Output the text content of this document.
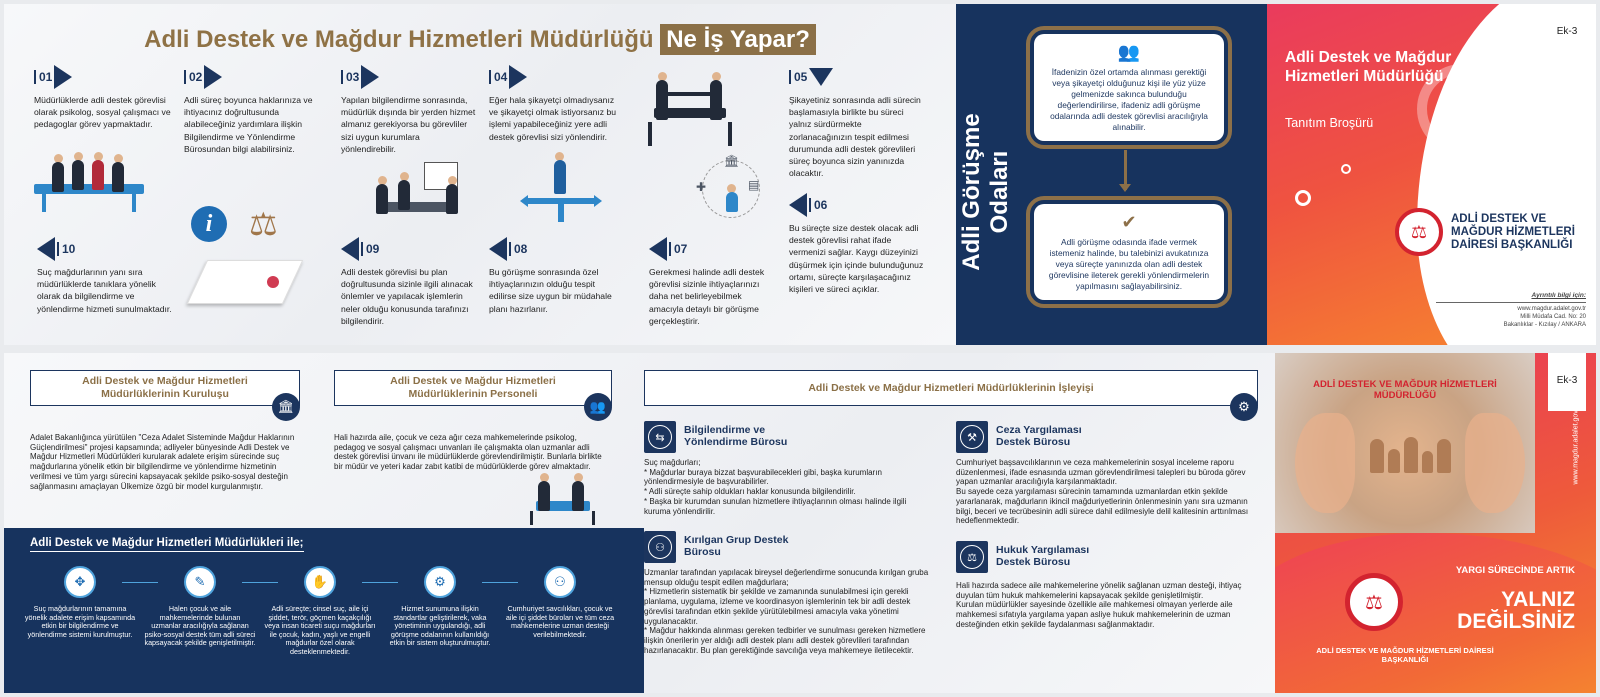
Adli Destek ve Mağdur Hizmetleri Müdürlüğü Ne İş Yapar?
01
Müdürlüklerde adli destek görevlisi olarak psikolog, sosyal çalışmacı ve pedagoglar görev yapmaktadır.
02
Adli süreç boyunca haklarınıza ve ihtiyacınız doğrultusunda alabileceğiniz yardımlara ilişkin Bilgilendirme ve Yönlendirme Bürosundan bilgi alabilirsiniz.
03
Yapılan bilgilendirme sonrasında, müdürlük dışında bir yerden hizmet almanız gerekiyorsa bu görevliler sizi uygun kurumlara yönlendirebilir.
04
Eğer hala şikayetçi olmadıysanız ve şikayetçi olmak istiyorsanız bu işlemi yapabileceğiniz yere adli destek görevlisi sizi yönlendirir.
05
Şikayetiniz sonrasında adli sürecin başlamasıyla birlikte bu süreci yalnız sürdürmekte zorlanacağınızın tespit edilmesi durumunda adli destek görevlileri süreç boyunca sizin yanınızda olacaktır.
06
Bu süreçte size destek olacak adli destek görevlisi rahat ifade vermenizi sağlar. Kaygı düzeyinizi düşürmek için içinde bulunduğunuz ortamı, süreçte karşılaşacağınız kişileri ve süreci açıklar.
07
Gerekmesi halinde adli destek görevlisi sizinle ihtiyaçlarınızı daha net belirleyebilmek amacıyla detaylı bir görüşme gerçekleştirir.
08
Bu görüşme sonrasında özel ihtiyaçlarınızın olduğu tespit edilirse size uygun bir müdahale planı hazırlanır.
09
Adli destek görevlisi bu plan doğrultusunda sizinle ilgili alınacak önlemler ve yapılacak işlemlerin neler olduğu konusunda tarafınızı bilgilendirir.
10
Suç mağdurlarının yanı sıra müdürlüklerde tanıklara yönelik olarak da bilgilendirme ve yönlendirme hizmeti sunulmaktadır.
i	⚖
🏛
✚	▤	Adli Görüşme Odaları
👥
İfadenizin özel ortamda alınması gerektiği veya şikayetçi olduğunuz kişi ile yüz yüze gelmenizde sakınca bulunduğu değerlendirilirse, ifadeniz adli görüşme odalarında adli destek görevlisi aracılığıyla alınabilir.
✔
Adli görüşme odasında ifade vermek istemeniz halinde, bu talebinizi avukatınıza veya süreçte yanınızda olan adli destek görevlisine ileterek gerekli yönlendirmelerin yapılmasını sağlayabilirsiniz.
Ek-3
Adli Destek ve Mağdur Hizmetleri Müdürlüğü
Tanıtım Broşürü
⚖
ADLİ DESTEK VE MAĞDUR HİZMETLERİ DAİRESİ BAŞKANLIĞI
Ayrıntılı bilgi için:
www.magdur.adalet.gov.tr
Milli Müdafa Cad. No: 20
Bakanlıklar - Kızılay / ANKARA
Adli Destek ve Mağdur Hizmetleri Müdürlüklerinin Kuruluşu
🏛
Adalet Bakanlığınca yürütülen "Ceza Adalet Sisteminde Mağdur Haklarının Güçlendirilmesi" projesi kapsamında; adliyeler bünyesinde Adli Destek ve Mağdur Hizmetleri Müdürlükleri kurularak adalete erişim sürecinde suç mağdurlarına yönelik etkin bir bilgilendirme ve yönlendirme hizmetinin verilmesi ve tüm yargı sürecini kapsayacak şekilde psiko-sosyal desteğin sağlanmasını amaçlayan Ülkemize özgü bir model kurgulanmıştır.
Adli Destek ve Mağdur Hizmetleri Müdürlüklerinin Personeli
👥
Hali hazırda aile, çocuk ve ceza ağır ceza mahkemelerinde psikolog, pedagog ve sosyal çalışmacı unvanları ile çalışmakta olan uzmanlar adli destek görevlisi ünvanı ile müdürlüklerde görevlendirilmiştir. Bunlarla birlikte bir müdür ve yeteri kadar zabıt katibi de müdürlüklerde görev almaktadır.
Adli Destek ve Mağdur Hizmetleri Müdürlükleri ile;
✥
Suç mağdurlarının tamamına yönelik adalete erişim kapsamında etkin bir bilgilendirme ve yönlendirme sistemi kurulmuştur.
✎
Halen çocuk ve aile mahkemelerinde bulunan uzmanlar aracılığıyla sağlanan psiko-sosyal destek tüm adli süreci kapsayacak şekilde genişletilmiştir.
✋
Adli süreçte; cinsel suç, aile içi şiddet, terör, göçmen kaçakçılığı veya insan ticareti suçu mağdurları ile çocuk, kadın, yaşlı ve engelli mağdurlar özel olarak desteklenmektedir.
⚙
Hizmet sunumuna ilişkin standartlar geliştirilerek, vaka yönetiminin uygulandığı, adli görüşme odalarının kullanıldığı etkin bir sistem oluşturulmuştur.
⚇
Cumhuriyet savcılıkları, çocuk ve aile içi şiddet büroları ve tüm ceza mahkemelerine uzman desteği verilebilmektedir.
Adli Destek ve Mağdur Hizmetleri Müdürlüklerinin İşleyişi
⚙
⇆
Bilgilendirme ve Yönlendirme Bürosu
Suç mağdurları;
* Mağdurlar buraya bizzat başvurabilecekleri gibi, başka kurumların yönlendirmesiyle de başvurabilirler.
* Adli süreçte sahip oldukları haklar konusunda bilgilendirilir.
* Başka bir kurumdan sunulan hizmetlere ihtiyaçlarının olması halinde ilgili kuruma yönlendirilir.
⚇
Kırılgan Grup Destek Bürosu
Uzmanlar tarafından yapılacak bireysel değerlendirme sonucunda kırılgan gruba mensup olduğu tespit edilen mağdurlara;
* Hizmetlerin sistematik bir şekilde ve zamanında sunulabilmesi için gerekli planlama, uygulama, izleme ve koordinasyon işlemlerinin tek bir adli destek görevlisi tarafından etkin şekilde yürütülebilmesi amacıyla vaka yönetimi uygulanacaktır.
* Mağdur hakkında alınması gereken tedbirler ve sunulması gereken hizmetlere ilişkin önerilerin yer aldığı adli destek planı adli destek görevlileri tarafından hazırlanacaktır. Bu plan gerektiğinde savcılığa veya mahkemeye iletilecektir.
⚒
Ceza Yargılaması Destek Bürosu
Cumhuriyet başsavcılıklarının ve ceza mahkemelerinin sosyal inceleme raporu düzenlenmesi, ifade esnasında uzman görevlendirilmesi talepleri bu büroda görev yapan uzmanlar aracılığıyla karşılanmaktadır.
Bu sayede ceza yargılaması sürecinin tamamında uzmanlardan etkin şekilde yararlanarak, mağdurların ikincil mağduriyetlerinin önlenmesinin yanı sıra uzmanın bilgi, beceri ve tecrübesinin adli sürece dahil edilmesiyle delil kalitesinin arttırılması hedeflenmektedir.
⚖
Hukuk Yargılaması Destek Bürosu
Hali hazırda sadece aile mahkemelerine yönelik sağlanan uzman desteği, ihtiyaç duyulan tüm hukuk mahkemelerini kapsayacak şekilde genişletilmiştir.
Kurulan müdürlükler sayesinde özellikle aile mahkemesi olmayan yerlerde aile mahkemesi sıfatıyla yargılama yapan asliye hukuk mahkemelerinin de uzman desteğinden etkin şekilde faydalanması sağlanmaktadır.
Ek-3
ADLİ DESTEK VE MAĞDUR HİZMETLERİ MÜDÜRLÜĞÜ
www.magdur.adalet.gov.tr
YARGI SÜRECİNDE ARTIK
YALNIZ DEĞİLSİNİZ
⚖
ADLİ DESTEK VE MAĞDUR HİZMETLERİ DAİRESİ BAŞKANLIĞI
